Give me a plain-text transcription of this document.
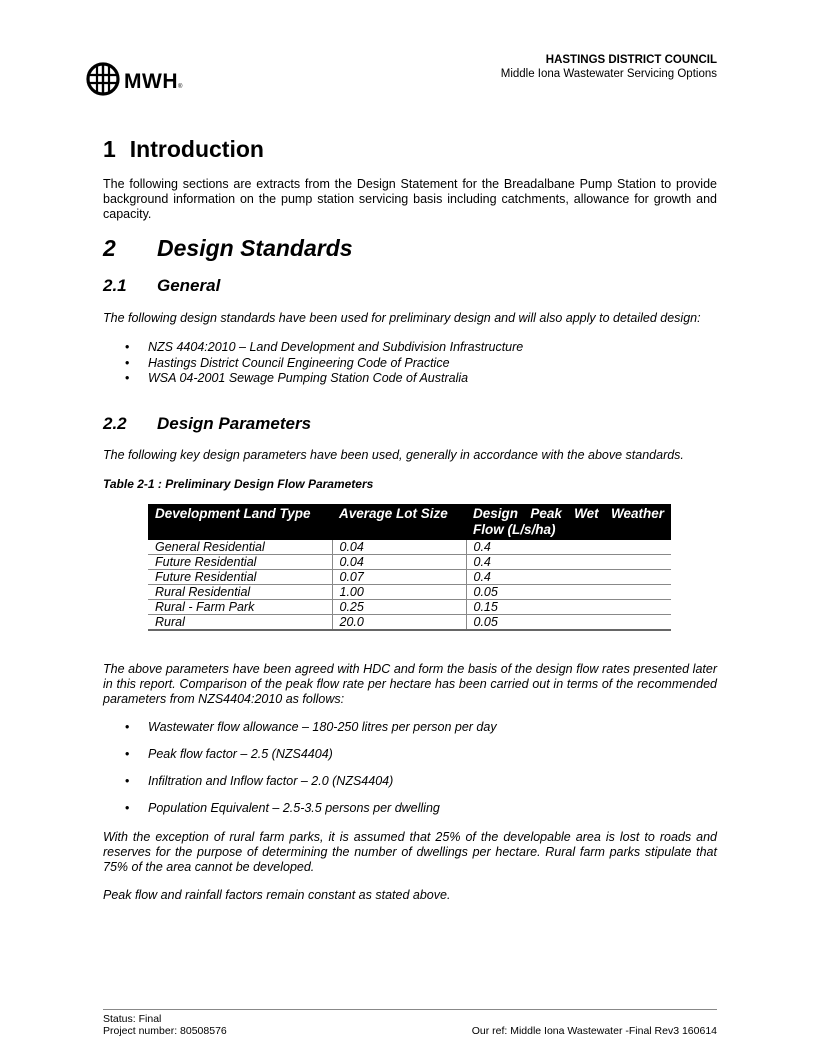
MWH ®
HASTINGS DISTRICT COUNCIL
Middle Iona Wastewater Servicing Options
1 Introduction
The following sections are extracts from the Design Statement for the Breadalbane Pump Station to provide background information on the pump station servicing basis including catchments, allowance for growth and capacity.
2 Design Standards
2.1 General
The following design standards have been used for preliminary design and will also apply to detailed design:
• NZS 4404:2010 – Land Development and Subdivision Infrastructure
• Hastings District Council Engineering Code of Practice
• WSA 04-2001 Sewage Pumping Station Code of Australia
2.2 Design Parameters
The following key design parameters have been used, generally in accordance with the above standards.
Table 2-1 : Preliminary Design Flow Parameters
Development Land Type	Average Lot Size	Design Peak Wet Weather Flow (L/s/ha)
General Residential	0.04	0.4
Future Residential	0.04	0.4
Future Residential	0.07	0.4
Rural Residential	1.00	0.05
Rural - Farm Park	0.25	0.15
Rural	20.0	0.05
The above parameters have been agreed with HDC and form the basis of the design flow rates presented later in this report. Comparison of the peak flow rate per hectare has been carried out in terms of the recommended parameters from NZS4404:2010 as follows:
• Wastewater flow allowance – 180-250 litres per person per day
• Peak flow factor – 2.5 (NZS4404)
• Infiltration and Inflow factor – 2.0 (NZS4404)
• Population Equivalent – 2.5-3.5 persons per dwelling
With the exception of rural farm parks, it is assumed that 25% of the developable area is lost to roads and reserves for the purpose of determining the number of dwellings per hectare. Rural farm parks stipulate that 75% of the area cannot be developed.
Peak flow and rainfall factors remain constant as stated above.
Status: Final
Project number: 80508576	Our ref: Middle Iona Wastewater -Final Rev3 160614
